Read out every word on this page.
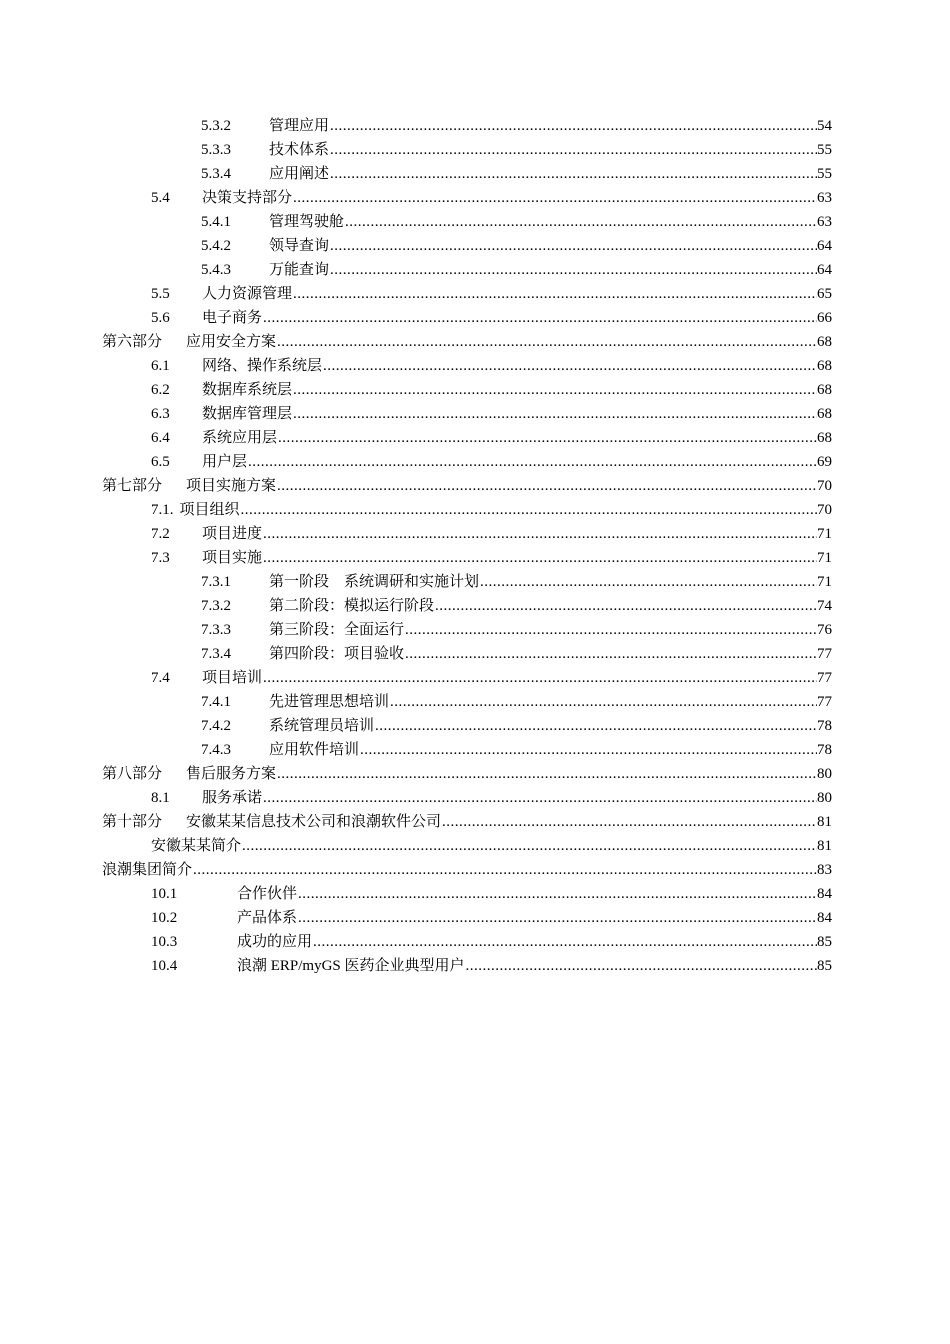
5.3.2	管理应用 .....	54
5.3.3	技术体系 .....	55
5.3.4	应用阐述 .....	55
5.4	决策支持部分 .....	63
5.4.1	管理驾驶舱 .....	63
5.4.2	领导查询 .....	64
5.4.3	万能查询 .....	64
5.5	人力资源管理 .....	65
5.6	电子商务 .....	66
第六部分	应用安全方案 .....	68
6.1	网络、操作系统层 .....	68
6.2	数据库系统层 .....	68
6.3	数据库管理层 .....	68
6.4	系统应用层 .....	68
6.5	用户层 .....	69
第七部分	项目实施方案 .....	70
7.1. 项目组织 .....	70
7.2	项目进度 .....	71
7.3	项目实施 .....	71
7.3.1	第一阶段　系统调研和实施计划 .....	71
7.3.2	第二阶段：模拟运行阶段 .....	74
7.3.3	第三阶段：全面运行 .....	76
7.3.4	第四阶段：项目验收 .....	77
7.4	项目培训 .....	77
7.4.1	先进管理思想培训 .....	77
7.4.2	系统管理员培训 .....	78
7.4.3	应用软件培训 .....	78
第八部分	售后服务方案 .....	80
8.1	服务承诺 .....	80
第十部分	安徽某某信息技术公司和浪潮软件公司 .....	81
安徽某某简介 .....	81
浪潮集团简介 .....	83
10.1	合作伙伴 .....	84
10.2	产品体系 .....	84
10.3	成功的应用 .....	85
10.4	浪潮 ERP/myGS 医药企业典型用户 .....	85
